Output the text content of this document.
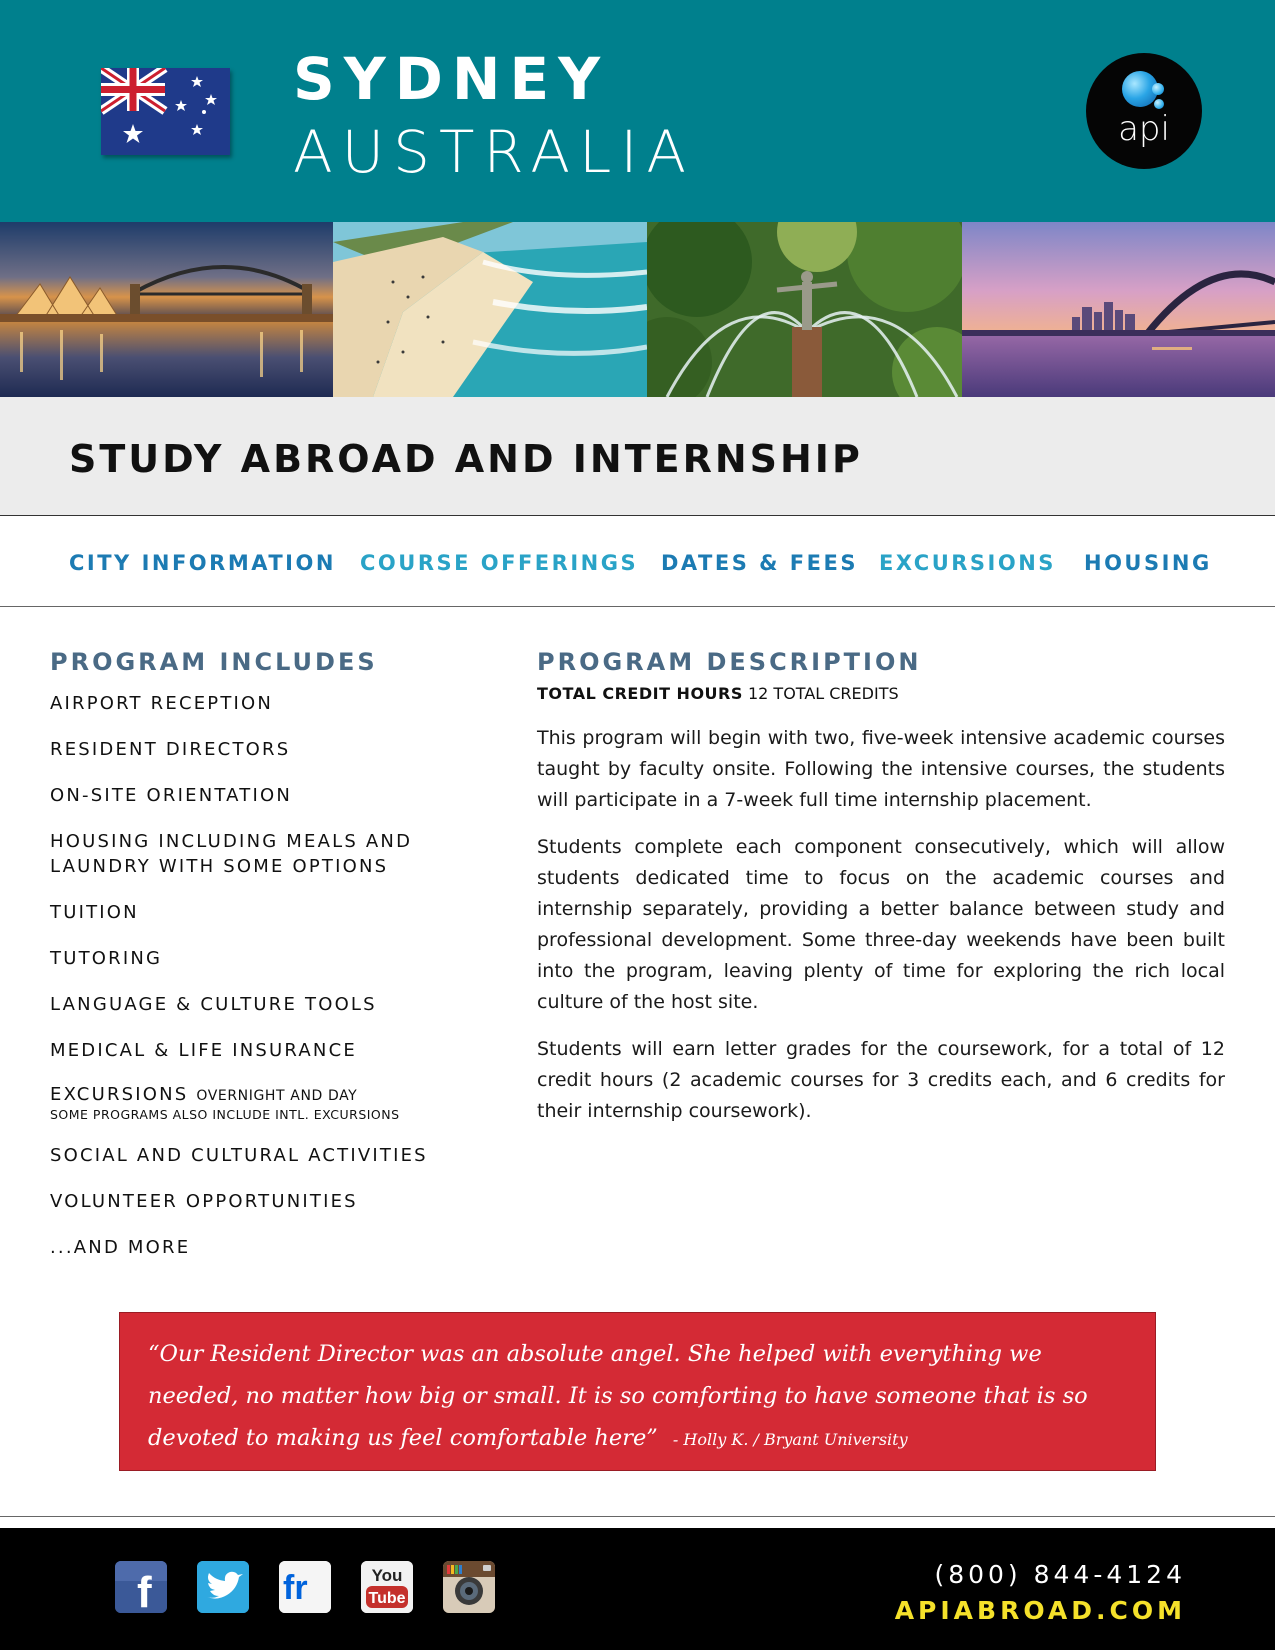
SYDNEY
AUSTRALIA	api
STUDY ABROAD AND INTERNSHIP
CITY INFORMATION COURSE OFFERINGS DATES & FEES EXCURSIONS HOUSING
PROGRAM INCLUDES
AIRPORT RECEPTION
RESIDENT DIRECTORS
ON-SITE ORIENTATION
HOUSING INCLUDING MEALS AND LAUNDRY WITH SOME OPTIONS
TUITION
TUTORING
LANGUAGE & CULTURE TOOLS
MEDICAL & LIFE INSURANCE
EXCURSIONS OVERNIGHT AND DAY
SOME PROGRAMS ALSO INCLUDE INTL. EXCURSIONS
SOCIAL AND CULTURAL ACTIVITIES
VOLUNTEER OPPORTUNITIES
...AND MORE
PROGRAM DESCRIPTION
TOTAL CREDIT HOURS 12 TOTAL CREDITS

This program will begin with two, five-week intensive academic courses taught by faculty onsite. Following the intensive courses, the students will participate in a 7-week full time internship placement.

Students complete each component consecutively, which will allow students dedicated time to focus on the academic courses and internship separately, providing a better balance between study and professional development. Some three-day weekends have been built into the program, leaving plenty of time for exploring the rich local culture of the host site.

Students will earn letter grades for the coursework, for a total of 12 credit hours (2 academic courses for 3 credits each, and 6 credits for their internship coursework).

“Our Resident Director was an absolute angel. She helped with everything we needed, no matter how big or small. It is so comforting to have someone that is so devoted to making us feel comfortable here” - Holly K. / Bryant University

f	fr	You
Tube
(800) 844-4124
APIABROAD.COM
